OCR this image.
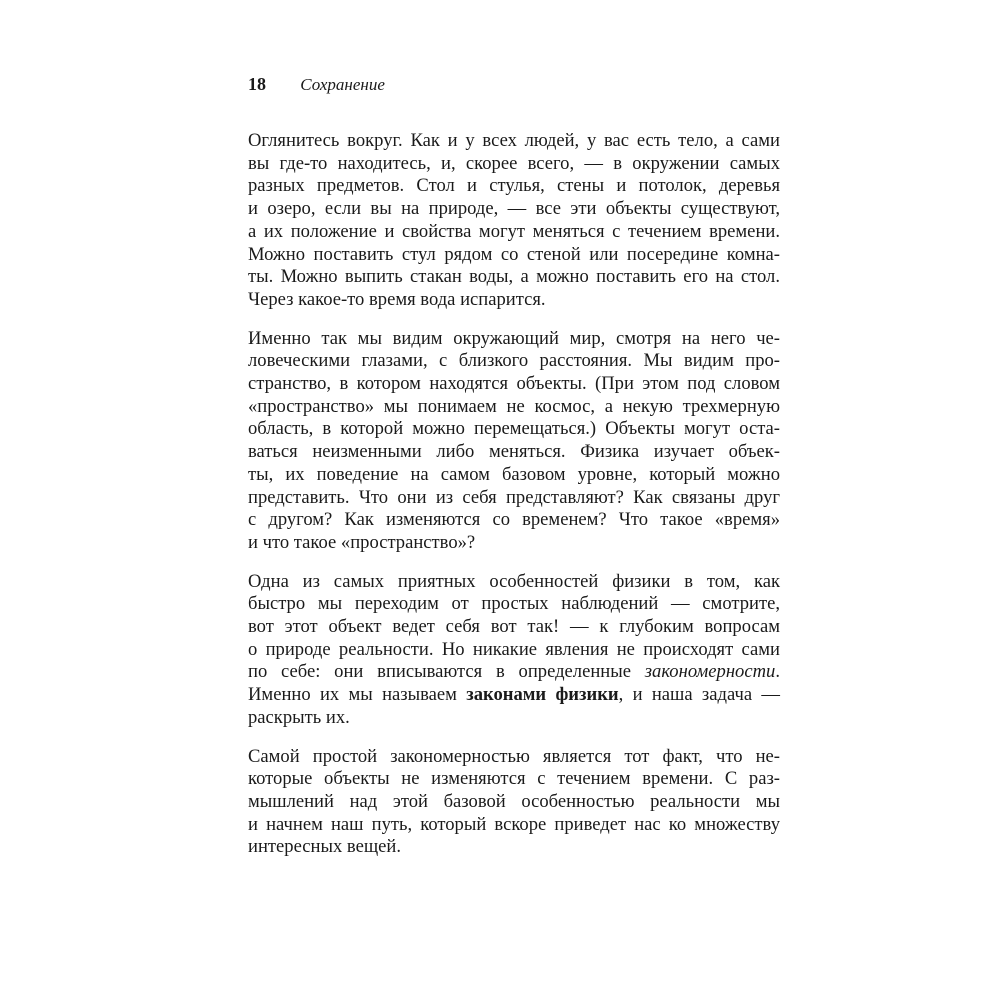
18 Сохранение

Оглянитесь вокруг. Как и у всех людей, у вас есть тело, а сами
вы где-то находитесь, и, скорее всего, — в окружении самых
разных предметов. Стол и стулья, стены и потолок, деревья
и озеро, если вы на природе, — все эти объекты существуют,
а их положение и свойства могут меняться с течением времени.
Можно поставить стул рядом со стеной или посередине комна-
ты. Можно выпить стакан воды, а можно поставить его на стол.
Через какое-то время вода испарится.

Именно так мы видим окружающий мир, смотря на него че-
ловеческими глазами, с близкого расстояния. Мы видим про-
странство, в котором находятся объекты. (При этом под словом
«пространство» мы понимаем не космос, а некую трехмерную
область, в которой можно перемещаться.) Объекты могут оста-
ваться неизменными либо меняться. Физика изучает объек-
ты, их поведение на самом базовом уровне, который можно
представить. Что они из себя представляют? Как связаны друг
с другом? Как изменяются со временем? Что такое «время»
и что такое «пространство»?

Одна из самых приятных особенностей физики в том, как
быстро мы переходим от простых наблюдений — смотрите,
вот этот объект ведет себя вот так! — к глубоким вопросам
о природе реальности. Но никакие явления не происходят сами
по себе: они вписываются в определенные закономерности.
Именно их мы называем законами физики, и наша задача —
раскрыть их.

Самой простой закономерностью является тот факт, что не-
которые объекты не изменяются с течением времени. С раз-
мышлений над этой базовой особенностью реальности мы
и начнем наш путь, который вскоре приведет нас ко множеству
интересных вещей.
